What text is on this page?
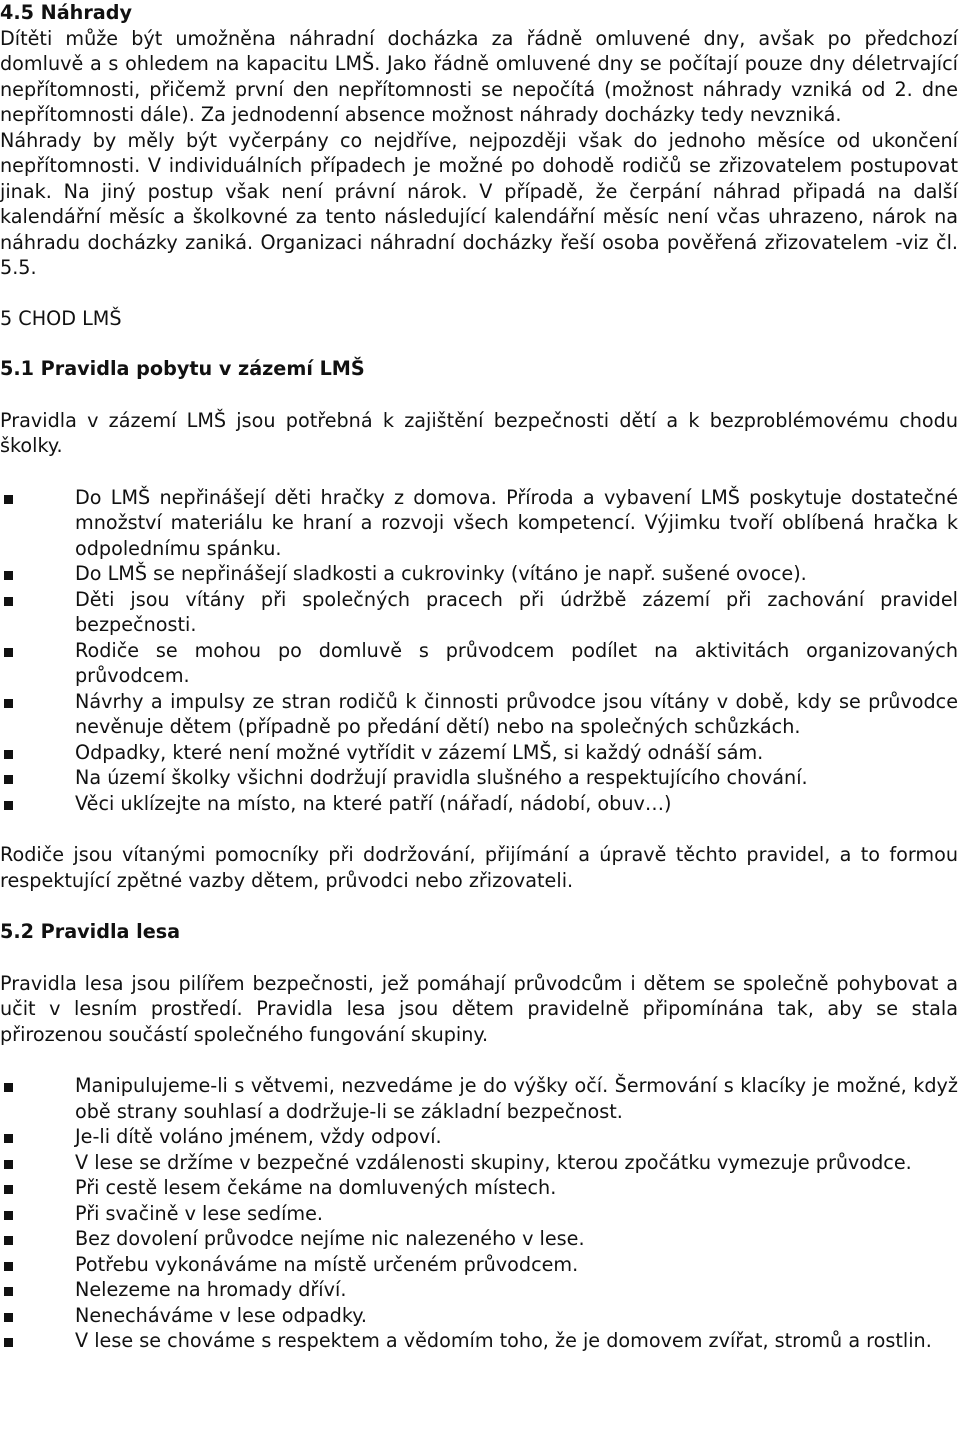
4.5 Náhrady

Dítěti může být umožněna náhradní docházka za řádně omluvené dny, avšak po předchozí domluvě a s ohledem na kapacitu LMŠ. Jako řádně omluvené dny se počítají pouze dny déletrvající nepřítomnosti, přičemž první den nepřítomnosti se nepočítá (možnost náhrady vzniká od 2. dne nepřítomnosti dále). Za jednodenní absence možnost náhrady docházky tedy nevzniká.

Náhrady by měly být vyčerpány co nejdříve, nejpozději však do jednoho měsíce od ukončení nepřítomnosti. V individuálních případech je možné po dohodě rodičů se zřizovatelem postupovat jinak. Na jiný postup však není právní nárok. V případě, že čerpání náhrad připadá na další kalendářní měsíc a školkovné za tento následující kalendářní měsíc není včas uhrazeno, nárok na náhradu docházky zaniká. Organizaci náhradní docházky řeší osoba pověřená zřizovatelem -viz čl. 5.5.

5 CHOD LMŠ
5.1 Pravidla pobytu v zázemí LMŠ

Pravidla v zázemí LMŠ jsou potřebná k zajištění bezpečnosti dětí a k bezproblémovému chodu školky.

Do LMŠ nepřinášejí děti hračky z domova. Příroda a vybavení LMŠ poskytuje dostatečné množství materiálu ke hraní a rozvoji všech kompetencí. Výjimku tvoří oblíbená hračka k odpolednímu spánku.
Do LMŠ se nepřinášejí sladkosti a cukrovinky (vítáno je např. sušené ovoce).
Děti jsou vítány při společných pracech při údržbě zázemí při zachování pravidel bezpečnosti.
Rodiče se mohou po domluvě s průvodcem podílet na aktivitách organizovaných průvodcem.
Návrhy a impulsy ze stran rodičů k činnosti průvodce jsou vítány v době, kdy se průvodce nevěnuje dětem (případně po předání dětí) nebo na společných schůzkách.
Odpadky, které není možné vytřídit v zázemí LMŠ, si každý odnáší sám.
Na území školky všichni dodržují pravidla slušného a respektujícího chování.
Věci uklízejte na místo, na které patří (nářadí, nádobí, obuv…)

Rodiče jsou vítanými pomocníky při dodržování, přijímání a úpravě těchto pravidel, a to formou respektující zpětné vazby dětem, průvodci nebo zřizovateli.

5.2 Pravidla lesa

Pravidla lesa jsou pilířem bezpečnosti, jež pomáhají průvodcům i dětem se společně pohybovat a učit v lesním prostředí. Pravidla lesa jsou dětem pravidelně připomínána tak, aby se stala přirozenou součástí společného fungování skupiny.

Manipulujeme-li s větvemi, nezvedáme je do výšky očí. Šermování s klacíky je možné, když obě strany souhlasí a dodržuje-li se základní bezpečnost.
Je-li dítě voláno jménem, vždy odpoví.
V lese se držíme v bezpečné vzdálenosti skupiny, kterou zpočátku vymezuje průvodce.
Při cestě lesem čekáme na domluvených místech.
Při svačině v lese sedíme.
Bez dovolení průvodce nejíme nic nalezeného v lese.
Potřebu vykonáváme na místě určeném průvodcem.
Nelezeme na hromady dříví.
Nenecháváme v lese odpadky.
V lese se chováme s respektem a vědomím toho, že je domovem zvířat, stromů a rostlin.
